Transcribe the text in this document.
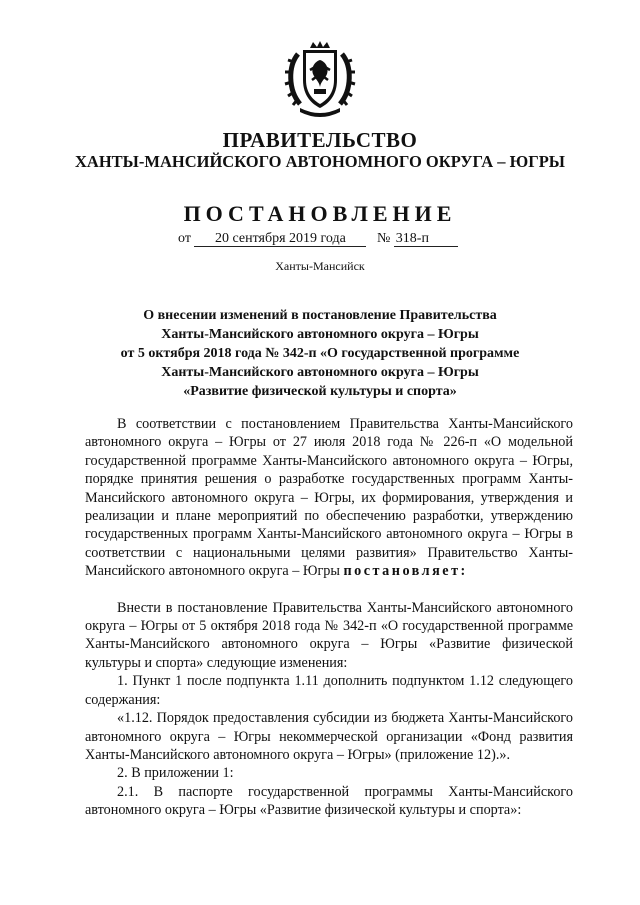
ПРАВИТЕЛЬСТВО
ХАНТЫ-МАНСИЙСКОГО АВТОНОМНОГО ОКРУГА – ЮГРЫ
ПОСТАНОВЛЕНИЕ
от 20 сентября 2019 года № 318-п
Ханты-Мансийск
О внесении изменений в постановление Правительства
Ханты-Мансийского автономного округа – Югры
от 5 октября 2018 года № 342-п «О государственной программе
Ханты-Мансийского автономного округа – Югры
«Развитие физической культуры и спорта»

В соответствии с постановлением Правительства Ханты-Мансийского автономного округа – Югры от 27 июля 2018 года № 226-п «О модельной государственной программе Ханты-Мансийского автономного округа – Югры, порядке принятия решения о разработке государственных программ Ханты-Мансийского автономного округа – Югры, их формирования, утверждения и реализации и плане мероприятий по обеспечению разработки, утверждению государственных программ Ханты-Мансийского автономного округа – Югры в соответствии с национальными целями развития» Правительство Ханты-Мансийского автономного округа – Югры постановляет:

Внести в постановление Правительства Ханты-Мансийского автономного округа – Югры от 5 октября 2018 года № 342-п «О государственной программе Ханты-Мансийского автономного округа – Югры «Развитие физической культуры и спорта» следующие изменения:

1. Пункт 1 после подпункта 1.11 дополнить подпунктом 1.12 следующего содержания:

«1.12. Порядок предоставления субсидии из бюджета Ханты-Мансийского автономного округа – Югры некоммерческой организации «Фонд развития Ханты-Мансийского автономного округа – Югры» (приложение 12).».

2. В приложении 1:

2.1. В паспорте государственной программы Ханты-Мансийского автономного округа – Югры «Развитие физической культуры и спорта»:
